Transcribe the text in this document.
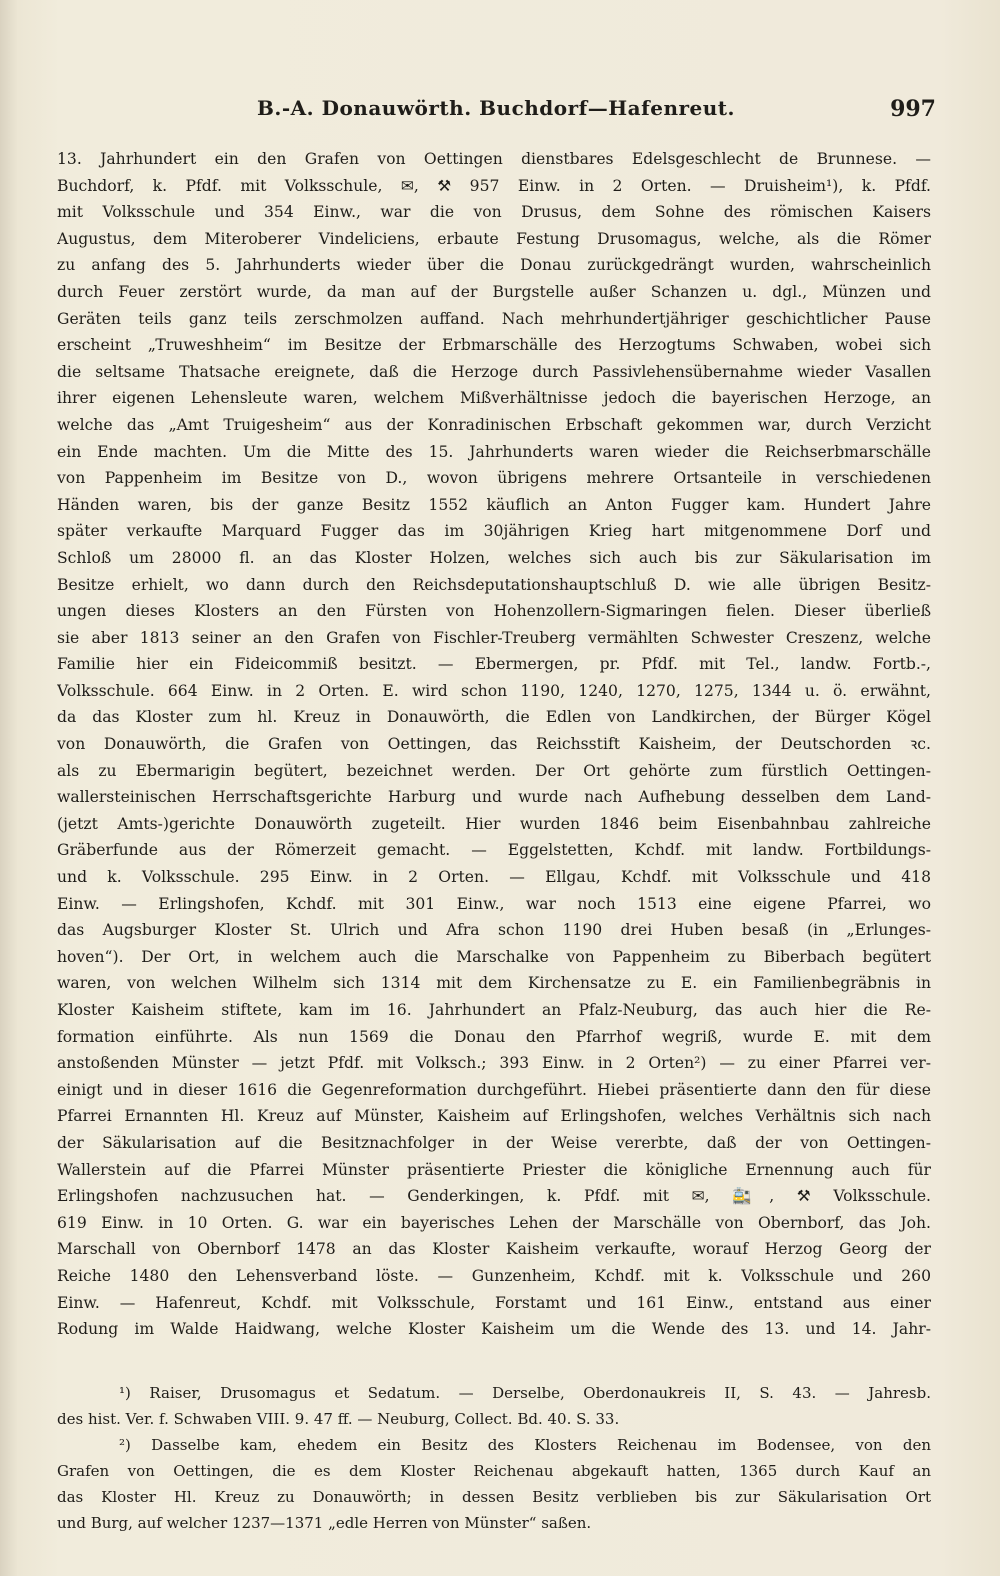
B.-A. Donauwörth. Buchdorf—Hafenreut.	997
13. Jahrhundert ein den Grafen von Oettingen dienstbares Edelsgeschlecht de Brunnese. —
Buchdorf, k. Pfdf. mit Volksschule, ✉, ⚒ 957 Einw. in 2 Orten. — Druisheim¹), k. Pfdf.
mit Volksschule und 354 Einw., war die von Drusus, dem Sohne des römischen Kaisers
Augustus, dem Miteroberer Vindeliciens, erbaute Festung Drusomagus, welche, als die Römer
zu anfang des 5. Jahrhunderts wieder über die Donau zurückgedrängt wurden, wahrscheinlich
durch Feuer zerstört wurde, da man auf der Burgstelle außer Schanzen u. dgl., Münzen und
Geräten teils ganz teils zerschmolzen auffand. Nach mehrhundertjähriger geschichtlicher Pause
erscheint „Truweshheim“ im Besitze der Erbmarschälle des Herzogtums Schwaben, wobei sich
die seltsame Thatsache ereignete, daß die Herzoge durch Passivlehensübernahme wieder Vasallen
ihrer eigenen Lehensleute waren, welchem Mißverhältnisse jedoch die bayerischen Herzoge, an
welche das „Amt Truigesheim“ aus der Konradinischen Erbschaft gekommen war, durch Verzicht
ein Ende machten. Um die Mitte des 15. Jahrhunderts waren wieder die Reichserbmarschälle
von Pappenheim im Besitze von D., wovon übrigens mehrere Ortsanteile in verschiedenen
Händen waren, bis der ganze Besitz 1552 käuflich an Anton Fugger kam. Hundert Jahre
später verkaufte Marquard Fugger das im 30jährigen Krieg hart mitgenommene Dorf und
Schloß um 28000 fl. an das Kloster Holzen, welches sich auch bis zur Säkularisation im
Besitze erhielt, wo dann durch den Reichsdeputationshauptschluß D. wie alle übrigen Besitz-
ungen dieses Klosters an den Fürsten von Hohenzollern-Sigmaringen fielen. Dieser überließ
sie aber 1813 seiner an den Grafen von Fischler-Treuberg vermählten Schwester Creszenz, welche
Familie hier ein Fideicommiß besitzt. — Ebermergen, pr. Pfdf. mit Tel., landw. Fortb.-,
Volksschule. 664 Einw. in 2 Orten. E. wird schon 1190, 1240, 1270, 1275, 1344 u. ö. erwähnt,
da das Kloster zum hl. Kreuz in Donauwörth, die Edlen von Landkirchen, der Bürger Kögel
von Donauwörth, die Grafen von Oettingen, das Reichsstift Kaisheim, der Deutschorden ꝛc.
als zu Ebermarigin begütert, bezeichnet werden. Der Ort gehörte zum fürstlich Oettingen-
wallersteinischen Herrschaftsgerichte Harburg und wurde nach Aufhebung desselben dem Land-
(jetzt Amts-)gerichte Donauwörth zugeteilt. Hier wurden 1846 beim Eisenbahnbau zahlreiche
Gräberfunde aus der Römerzeit gemacht. — Eggelstetten, Kchdf. mit landw. Fortbildungs-
und k. Volksschule. 295 Einw. in 2 Orten. — Ellgau, Kchdf. mit Volksschule und 418
Einw. — Erlingshofen, Kchdf. mit 301 Einw., war noch 1513 eine eigene Pfarrei, wo
das Augsburger Kloster St. Ulrich und Afra schon 1190 drei Huben besaß (in „Erlunges-
hoven“). Der Ort, in welchem auch die Marschalke von Pappenheim zu Biberbach begütert
waren, von welchen Wilhelm sich 1314 mit dem Kirchensatze zu E. ein Familienbegräbnis in
Kloster Kaisheim stiftete, kam im 16. Jahrhundert an Pfalz-Neuburg, das auch hier die Re-
formation einführte. Als nun 1569 die Donau den Pfarrhof wegriß, wurde E. mit dem
anstoßenden Münster — jetzt Pfdf. mit Volksch.; 393 Einw. in 2 Orten²) — zu einer Pfarrei ver-
einigt und in dieser 1616 die Gegenreformation durchgeführt. Hiebei präsentierte dann den für diese
Pfarrei Ernannten Hl. Kreuz auf Münster, Kaisheim auf Erlingshofen, welches Verhältnis sich nach
der Säkularisation auf die Besitznachfolger in der Weise vererbte, daß der von Oettingen-
Wallerstein auf die Pfarrei Münster präsentierte Priester die königliche Ernennung auch für
Erlingshofen nachzusuchen hat. — Genderkingen, k. Pfdf. mit ✉, 🚉, ⚒ Volksschule.
619 Einw. in 10 Orten. G. war ein bayerisches Lehen der Marschälle von Obernborf, das Joh.
Marschall von Obernborf 1478 an das Kloster Kaisheim verkaufte, worauf Herzog Georg der
Reiche 1480 den Lehensverband löste. — Gunzenheim, Kchdf. mit k. Volksschule und 260
Einw. — Hafenreut, Kchdf. mit Volksschule, Forstamt und 161 Einw., entstand aus einer
Rodung im Walde Haidwang, welche Kloster Kaisheim um die Wende des 13. und 14. Jahr-
¹) Raiser, Drusomagus et Sedatum. — Derselbe, Oberdonaukreis II, S. 43. — Jahresb.
des hist. Ver. f. Schwaben VIII. 9. 47 ff. — Neuburg, Collect. Bd. 40. S. 33.
²) Dasselbe kam, ehedem ein Besitz des Klosters Reichenau im Bodensee, von den
Grafen von Oettingen, die es dem Kloster Reichenau abgekauft hatten, 1365 durch Kauf an
das Kloster Hl. Kreuz zu Donauwörth; in dessen Besitz verblieben bis zur Säkularisation Ort
und Burg, auf welcher 1237—1371 „edle Herren von Münster“ saßen.
